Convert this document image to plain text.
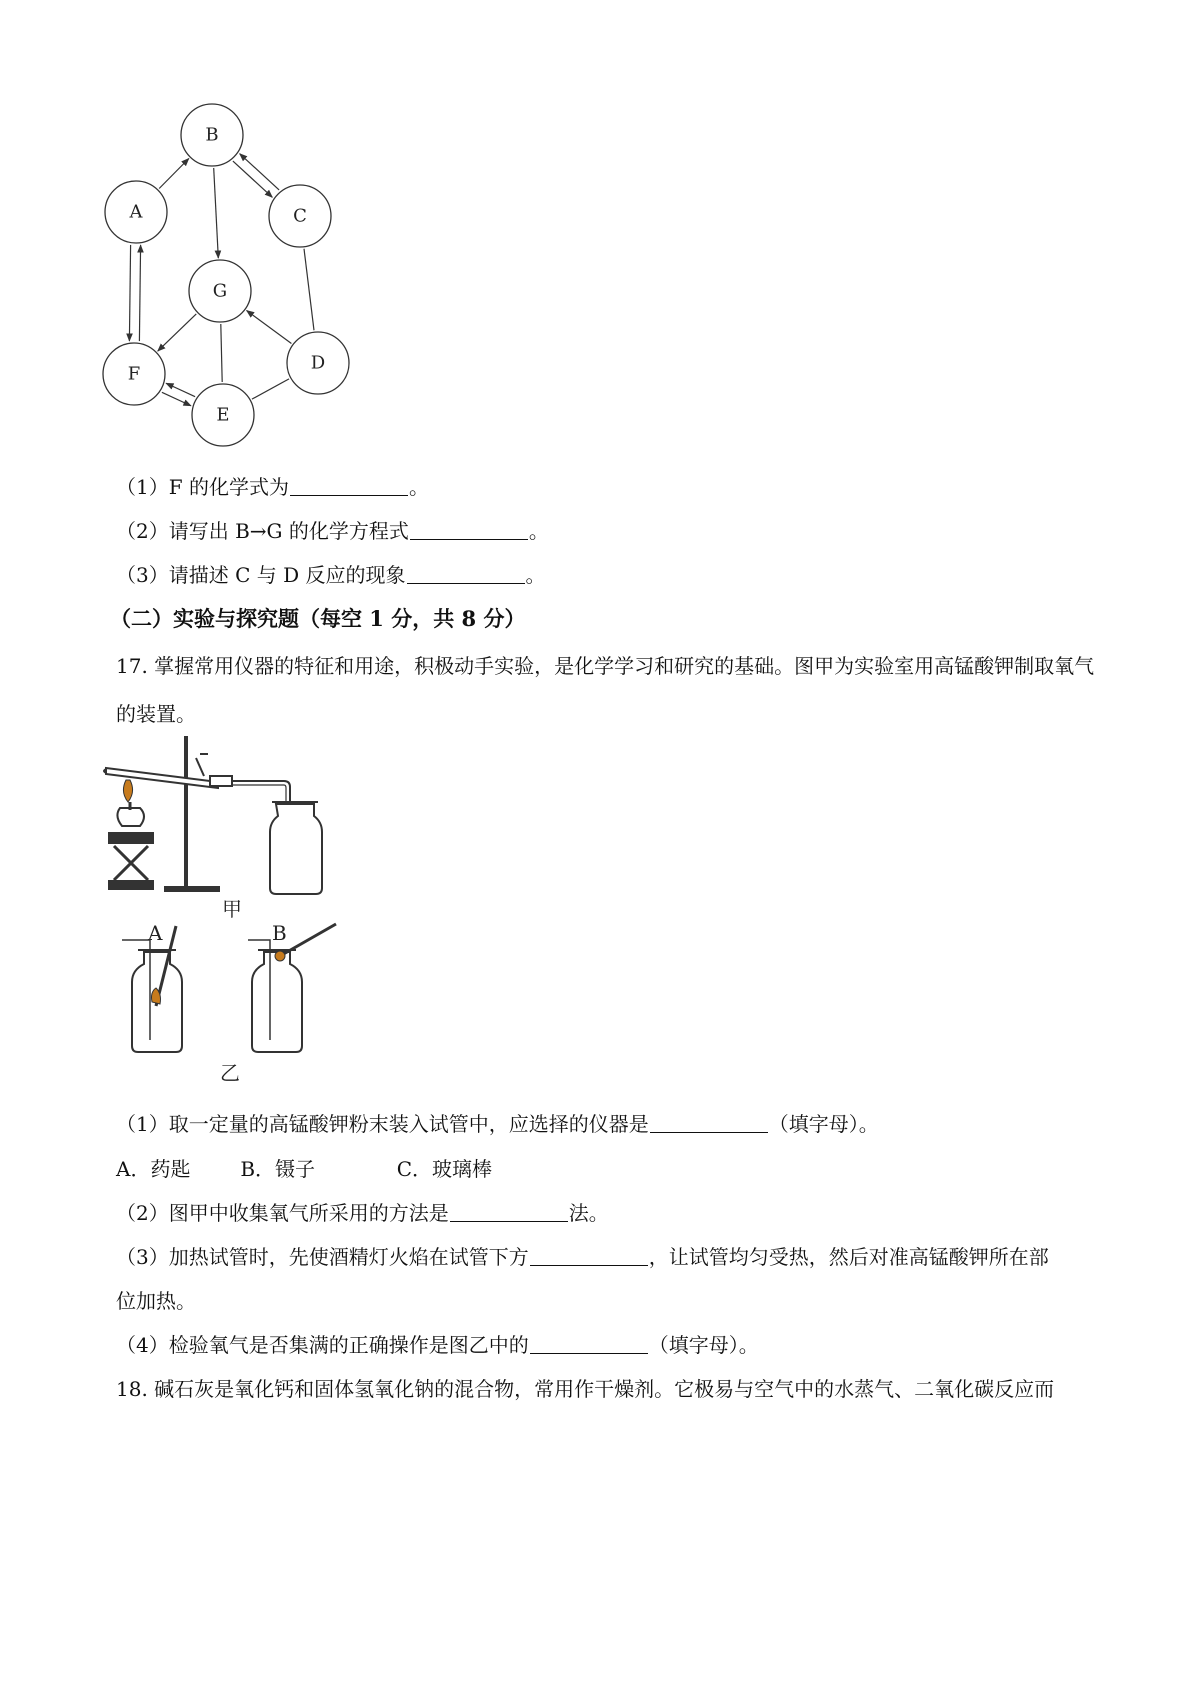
A
B
C
D
E
F
G
（1）F 的化学式为	。
（2）请写出 B→G 的化学方程式	。
（3）请描述 C 与 D 反应的现象	。
（二）实验与探究题（每空 1 分，共 8 分）
17. 掌握常用仪器的特征和用途，积极动手实验，是化学学习和研究的基础。图甲为实验室用高锰酸钾制取氧气的装置。
甲
A	B
乙
（1）取一定量的高锰酸钾粉末装入试管中，应选择的仪器是	（填字母）。
A．药匙 B．镊子	C．玻璃棒
（2）图甲中收集氧气所采用的方法是	法。
（3）加热试管时，先使酒精灯火焰在试管下方	，让试管均匀受热，然后对准高锰酸钾所在部
位加热。
（4）检验氧气是否集满的正确操作是图乙中的	（填字母）。
18. 碱石灰是氧化钙和固体氢氧化钠的混合物，常用作干燥剂。它极易与空气中的水蒸气、二氧化碳反应而
